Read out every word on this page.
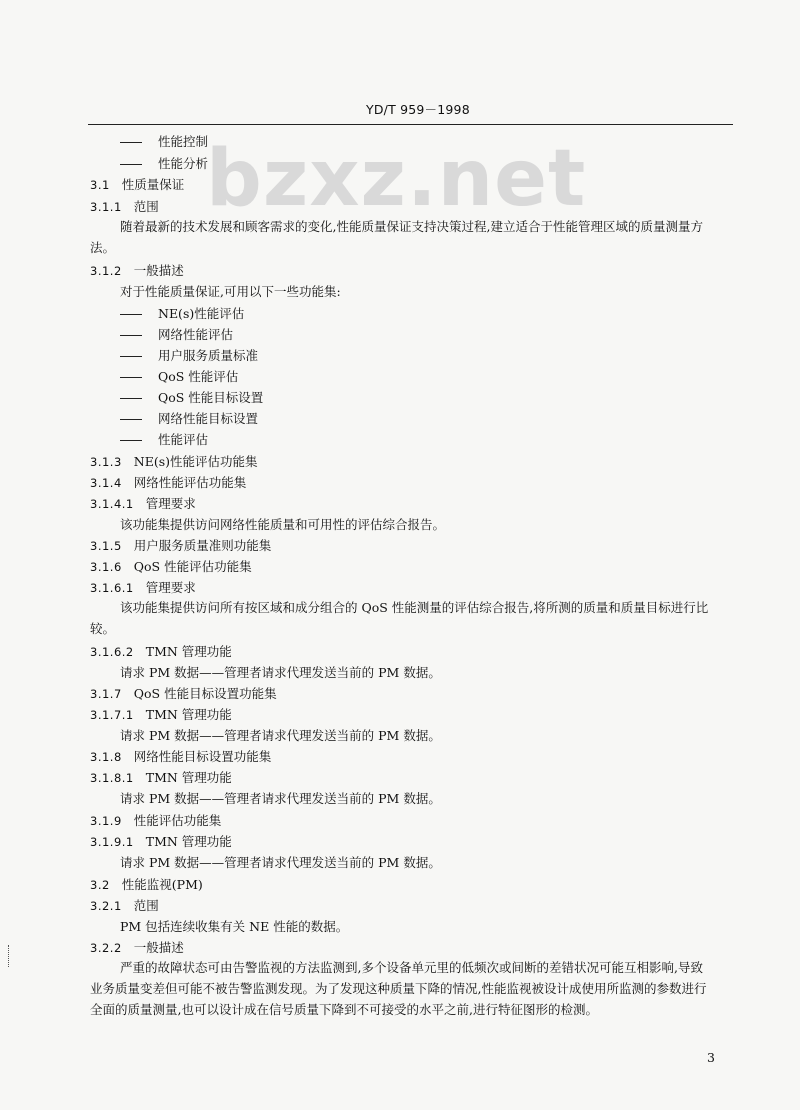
YD/T 959－1998
bzxz.net
性能控制
性能分析
3.1 性质量保证
3.1.1 范围
随着最新的技术发展和顾客需求的变化,性能质量保证支持决策过程,建立适合于性能管理区域的质量测量方法。
3.1.2 一般描述
对于性能质量保证,可用以下一些功能集:
NE(s)性能评估
网络性能评估
用户服务质量标准
QoS 性能评估
QoS 性能目标设置
网络性能目标设置
性能评估
3.1.3 NE(s)性能评估功能集
3.1.4 网络性能评估功能集
3.1.4.1 管理要求
该功能集提供访问网络性能质量和可用性的评估综合报告。
3.1.5 用户服务质量准则功能集
3.1.6 QoS 性能评估功能集
3.1.6.1 管理要求
该功能集提供访问所有按区域和成分组合的 QoS 性能测量的评估综合报告,将所测的质量和质量目标进行比较。
3.1.6.2 TMN 管理功能
请求 PM 数据——管理者请求代理发送当前的 PM 数据。
3.1.7 QoS 性能目标设置功能集
3.1.7.1 TMN 管理功能
请求 PM 数据——管理者请求代理发送当前的 PM 数据。
3.1.8 网络性能目标设置功能集
3.1.8.1 TMN 管理功能
请求 PM 数据——管理者请求代理发送当前的 PM 数据。
3.1.9 性能评估功能集
3.1.9.1 TMN 管理功能
请求 PM 数据——管理者请求代理发送当前的 PM 数据。
3.2 性能监视(PM)
3.2.1 范围
PM 包括连续收集有关 NE 性能的数据。
3.2.2 一般描述
严重的故障状态可由告警监视的方法监测到,多个设备单元里的低频次或间断的差错状况可能互相影响,导致业务质量变差但可能不被告警监测发现。为了发现这种质量下降的情况,性能监视被设计成使用所监测的参数进行全面的质量测量,也可以设计成在信号质量下降到不可接受的水平之前,进行特征图形的检测。
3
